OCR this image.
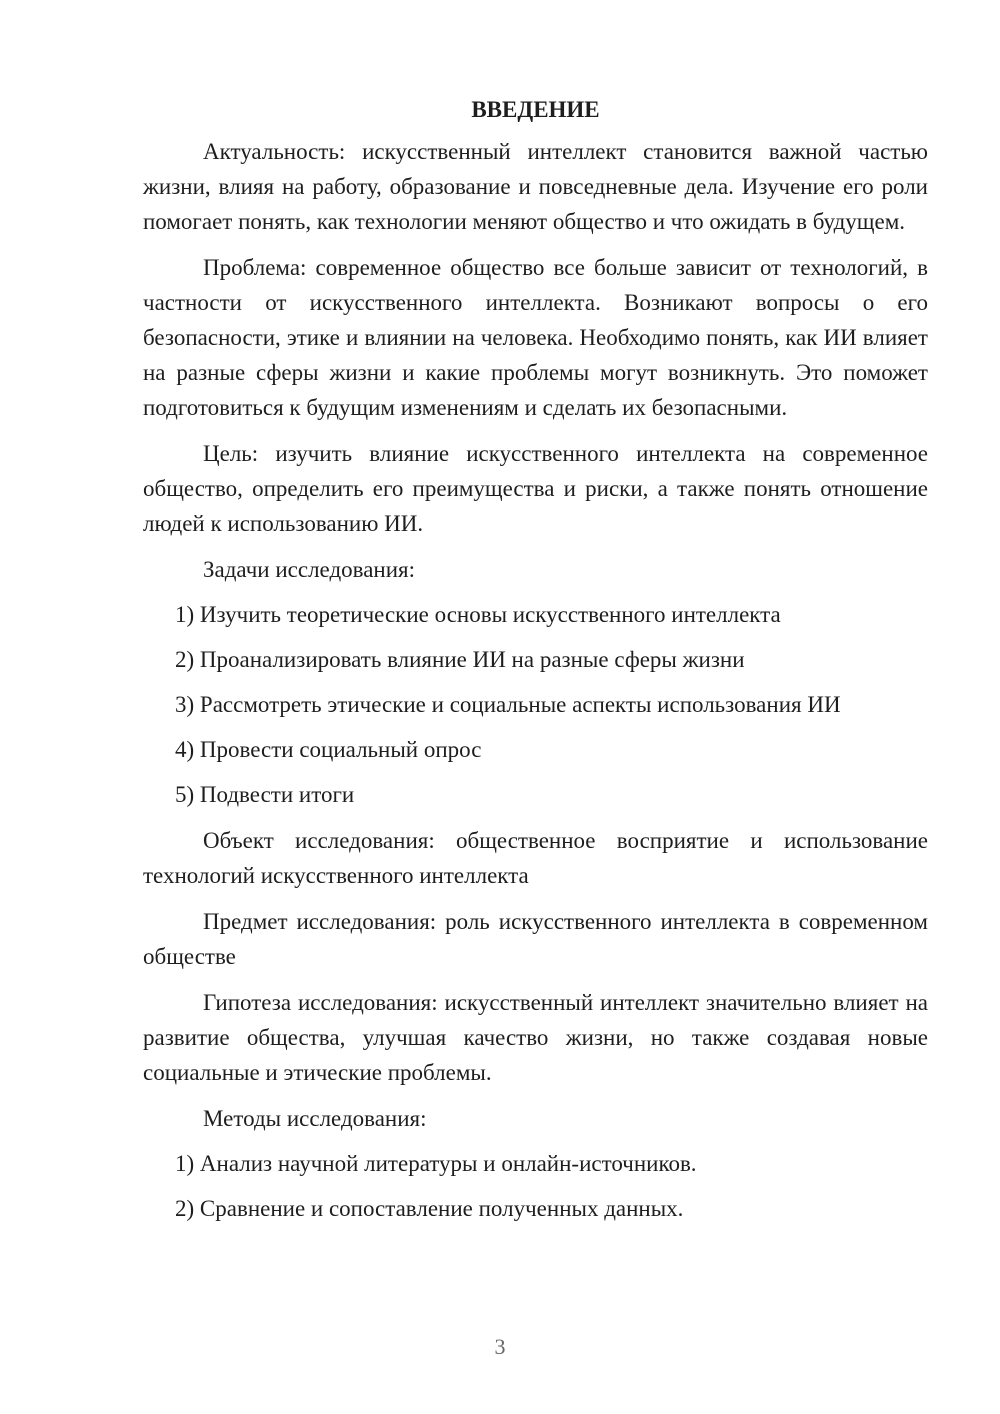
ВВЕДЕНИЕ

Актуальность: искусственный интеллект становится важной частью жизни, влияя на работу, образование и повседневные дела. Изучение его роли помогает понять, как технологии меняют общество и что ожидать в будущем.

Проблема: современное общество все больше зависит от технологий, в частности от искусственного интеллекта. Возникают вопросы о его безопасности, этике и влиянии на человека. Необходимо понять, как ИИ влияет на разные сферы жизни и какие проблемы могут возникнуть. Это поможет подготовиться к будущим изменениям и сделать их безопасными.

Цель: изучить влияние искусственного интеллекта на современное общество, определить его преимущества и риски, а также понять отношение людей к использованию ИИ.

Задачи исследования:

1) Изучить теоретические основы искусственного интеллекта

2) Проанализировать влияние ИИ на разные сферы жизни

3) Рассмотреть этические и социальные аспекты использования ИИ

4) Провести социальный опрос

5) Подвести итоги

Объект исследования: общественное восприятие и использование технологий искусственного интеллекта

Предмет исследования: роль искусственного интеллекта в современном обществе

Гипотеза исследования: искусственный интеллект значительно влияет на развитие общества, улучшая качество жизни, но также создавая новые социальные и этические проблемы.

Методы исследования:

1) Анализ научной литературы и онлайн-источников.

2) Сравнение и сопоставление полученных данных.

3
